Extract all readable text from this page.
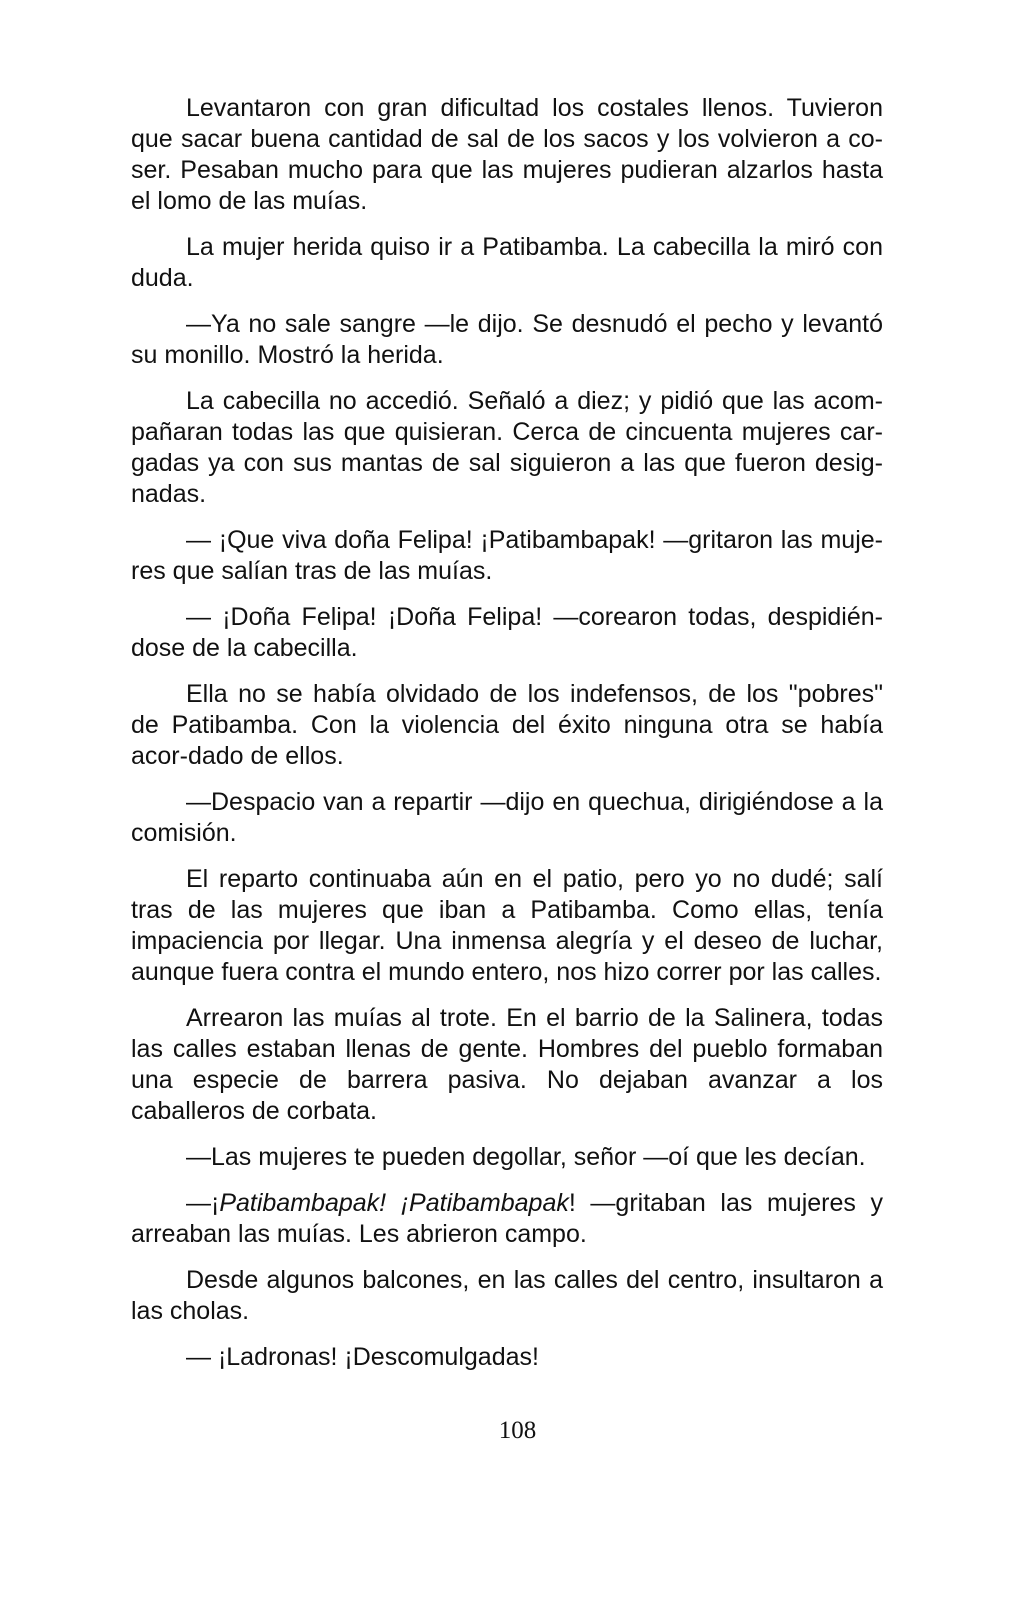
Levantaron con gran dificultad los costales llenos. Tuvieron que sacar buena cantidad de sal de los sacos y los volvieron a co-ser. Pesaban mucho para que las mujeres pudieran alzarlos hasta el lomo de las muías.

La mujer herida quiso ir a Patibamba. La cabecilla la miró con duda.

—Ya no sale sangre —le dijo. Se desnudó el pecho y levantó su monillo. Mostró la herida.

La cabecilla no accedió. Señaló a diez; y pidió que las acom-pañaran todas las que quisieran. Cerca de cincuenta mujeres car-gadas ya con sus mantas de sal siguieron a las que fueron desig-nadas.

— ¡Que viva doña Felipa! ¡Patibambapak! —gritaron las muje-res que salían tras de las muías.

— ¡Doña Felipa! ¡Doña Felipa! —corearon todas, despidién-dose de la cabecilla.

Ella no se había olvidado de los indefensos, de los "pobres" de Patibamba. Con la violencia del éxito ninguna otra se había acor-dado de ellos.

—Despacio van a repartir —dijo en quechua, dirigiéndose a la comisión.

El reparto continuaba aún en el patio, pero yo no dudé; salí tras de las mujeres que iban a Patibamba. Como ellas, tenía impaciencia por llegar. Una inmensa alegría y el deseo de luchar, aunque fuera contra el mundo entero, nos hizo correr por las calles.

Arrearon las muías al trote. En el barrio de la Salinera, todas las calles estaban llenas de gente. Hombres del pueblo formaban una especie de barrera pasiva. No dejaban avanzar a los caballeros de corbata.

—Las mujeres te pueden degollar, señor —oí que les decían.

—¡Patibambapak! ¡Patibambapak! —gritaban las mujeres y arreaban las muías. Les abrieron campo.

Desde algunos balcones, en las calles del centro, insultaron a las cholas.

— ¡Ladronas! ¡Descomulgadas!

108
